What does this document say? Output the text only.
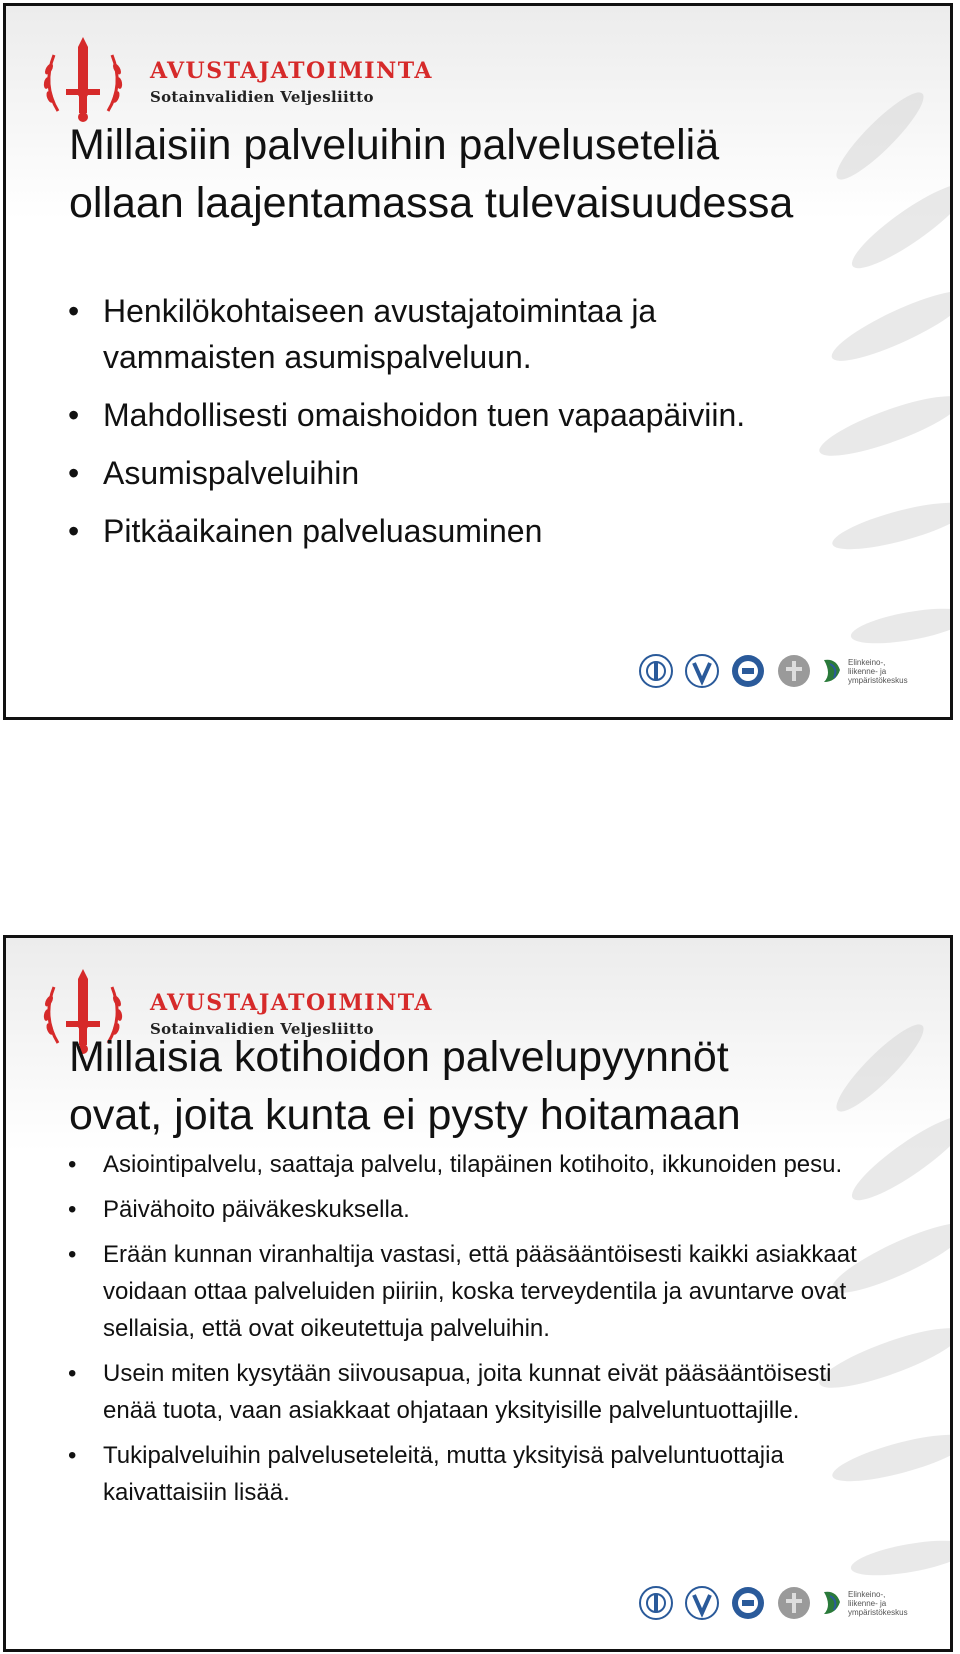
AVUSTAJATOIMINTA
Sotainvalidien Veljesliitto
Millaisiin palveluihin palveluseteliä
ollaan laajentamassa tulevaisuudessa
• Henkilökohtaiseen avustajatoimintaa ja vammaisten asumispalveluun.
• Mahdollisesti omaishoidon tuen vapaapäiviin.
• Asumispalveluihin
• Pitkäaikainen palveluasuminen
Elinkeino-, liikenne- ja ympäristökeskus
AVUSTAJATOIMINTA
Sotainvalidien Veljesliitto
Millaisia kotihoidon palvelupyynnöt
ovat, joita kunta ei pysty hoitamaan
• Asiointipalvelu, saattaja palvelu, tilapäinen kotihoito, ikkunoiden pesu.
• Päivähoito päiväkeskuksella.
• Erään kunnan viranhaltija vastasi, että pääsääntöisesti kaikki asiakkaat voidaan ottaa palveluiden piiriin, koska terveydentila ja avuntarve ovat sellaisia, että ovat oikeutettuja palveluihin.
• Usein miten kysytään siivousapua, joita kunnat eivät pääsääntöisesti enää tuota, vaan asiakkaat ohjataan yksityisille palveluntuottajille.
• Tukipalveluihin palveluseteleitä, mutta yksityisä palveluntuottajia kaivattaisiin lisää.
Elinkeino-, liikenne- ja ympäristökeskus
